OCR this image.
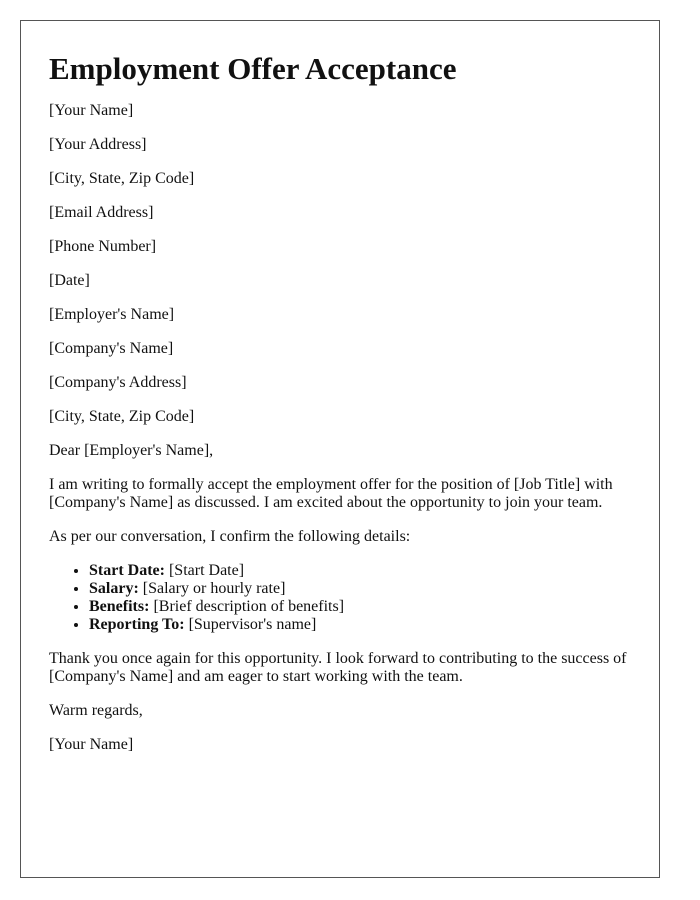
Employment Offer Acceptance

[Your Name]

[Your Address]

[City, State, Zip Code]

[Email Address]

[Phone Number]

[Date]

[Employer's Name]

[Company's Name]

[Company's Address]

[City, State, Zip Code]

Dear [Employer's Name],

I am writing to formally accept the employment offer for the position of [Job Title] with [Company's Name] as discussed. I am excited about the opportunity to join your team.

As per our conversation, I confirm the following details:

• Start Date: [Start Date]
• Salary: [Salary or hourly rate]
• Benefits: [Brief description of benefits]
• Reporting To: [Supervisor's name]

Thank you once again for this opportunity. I look forward to contributing to the success of [Company's Name] and am eager to start working with the team.

Warm regards,

[Your Name]
